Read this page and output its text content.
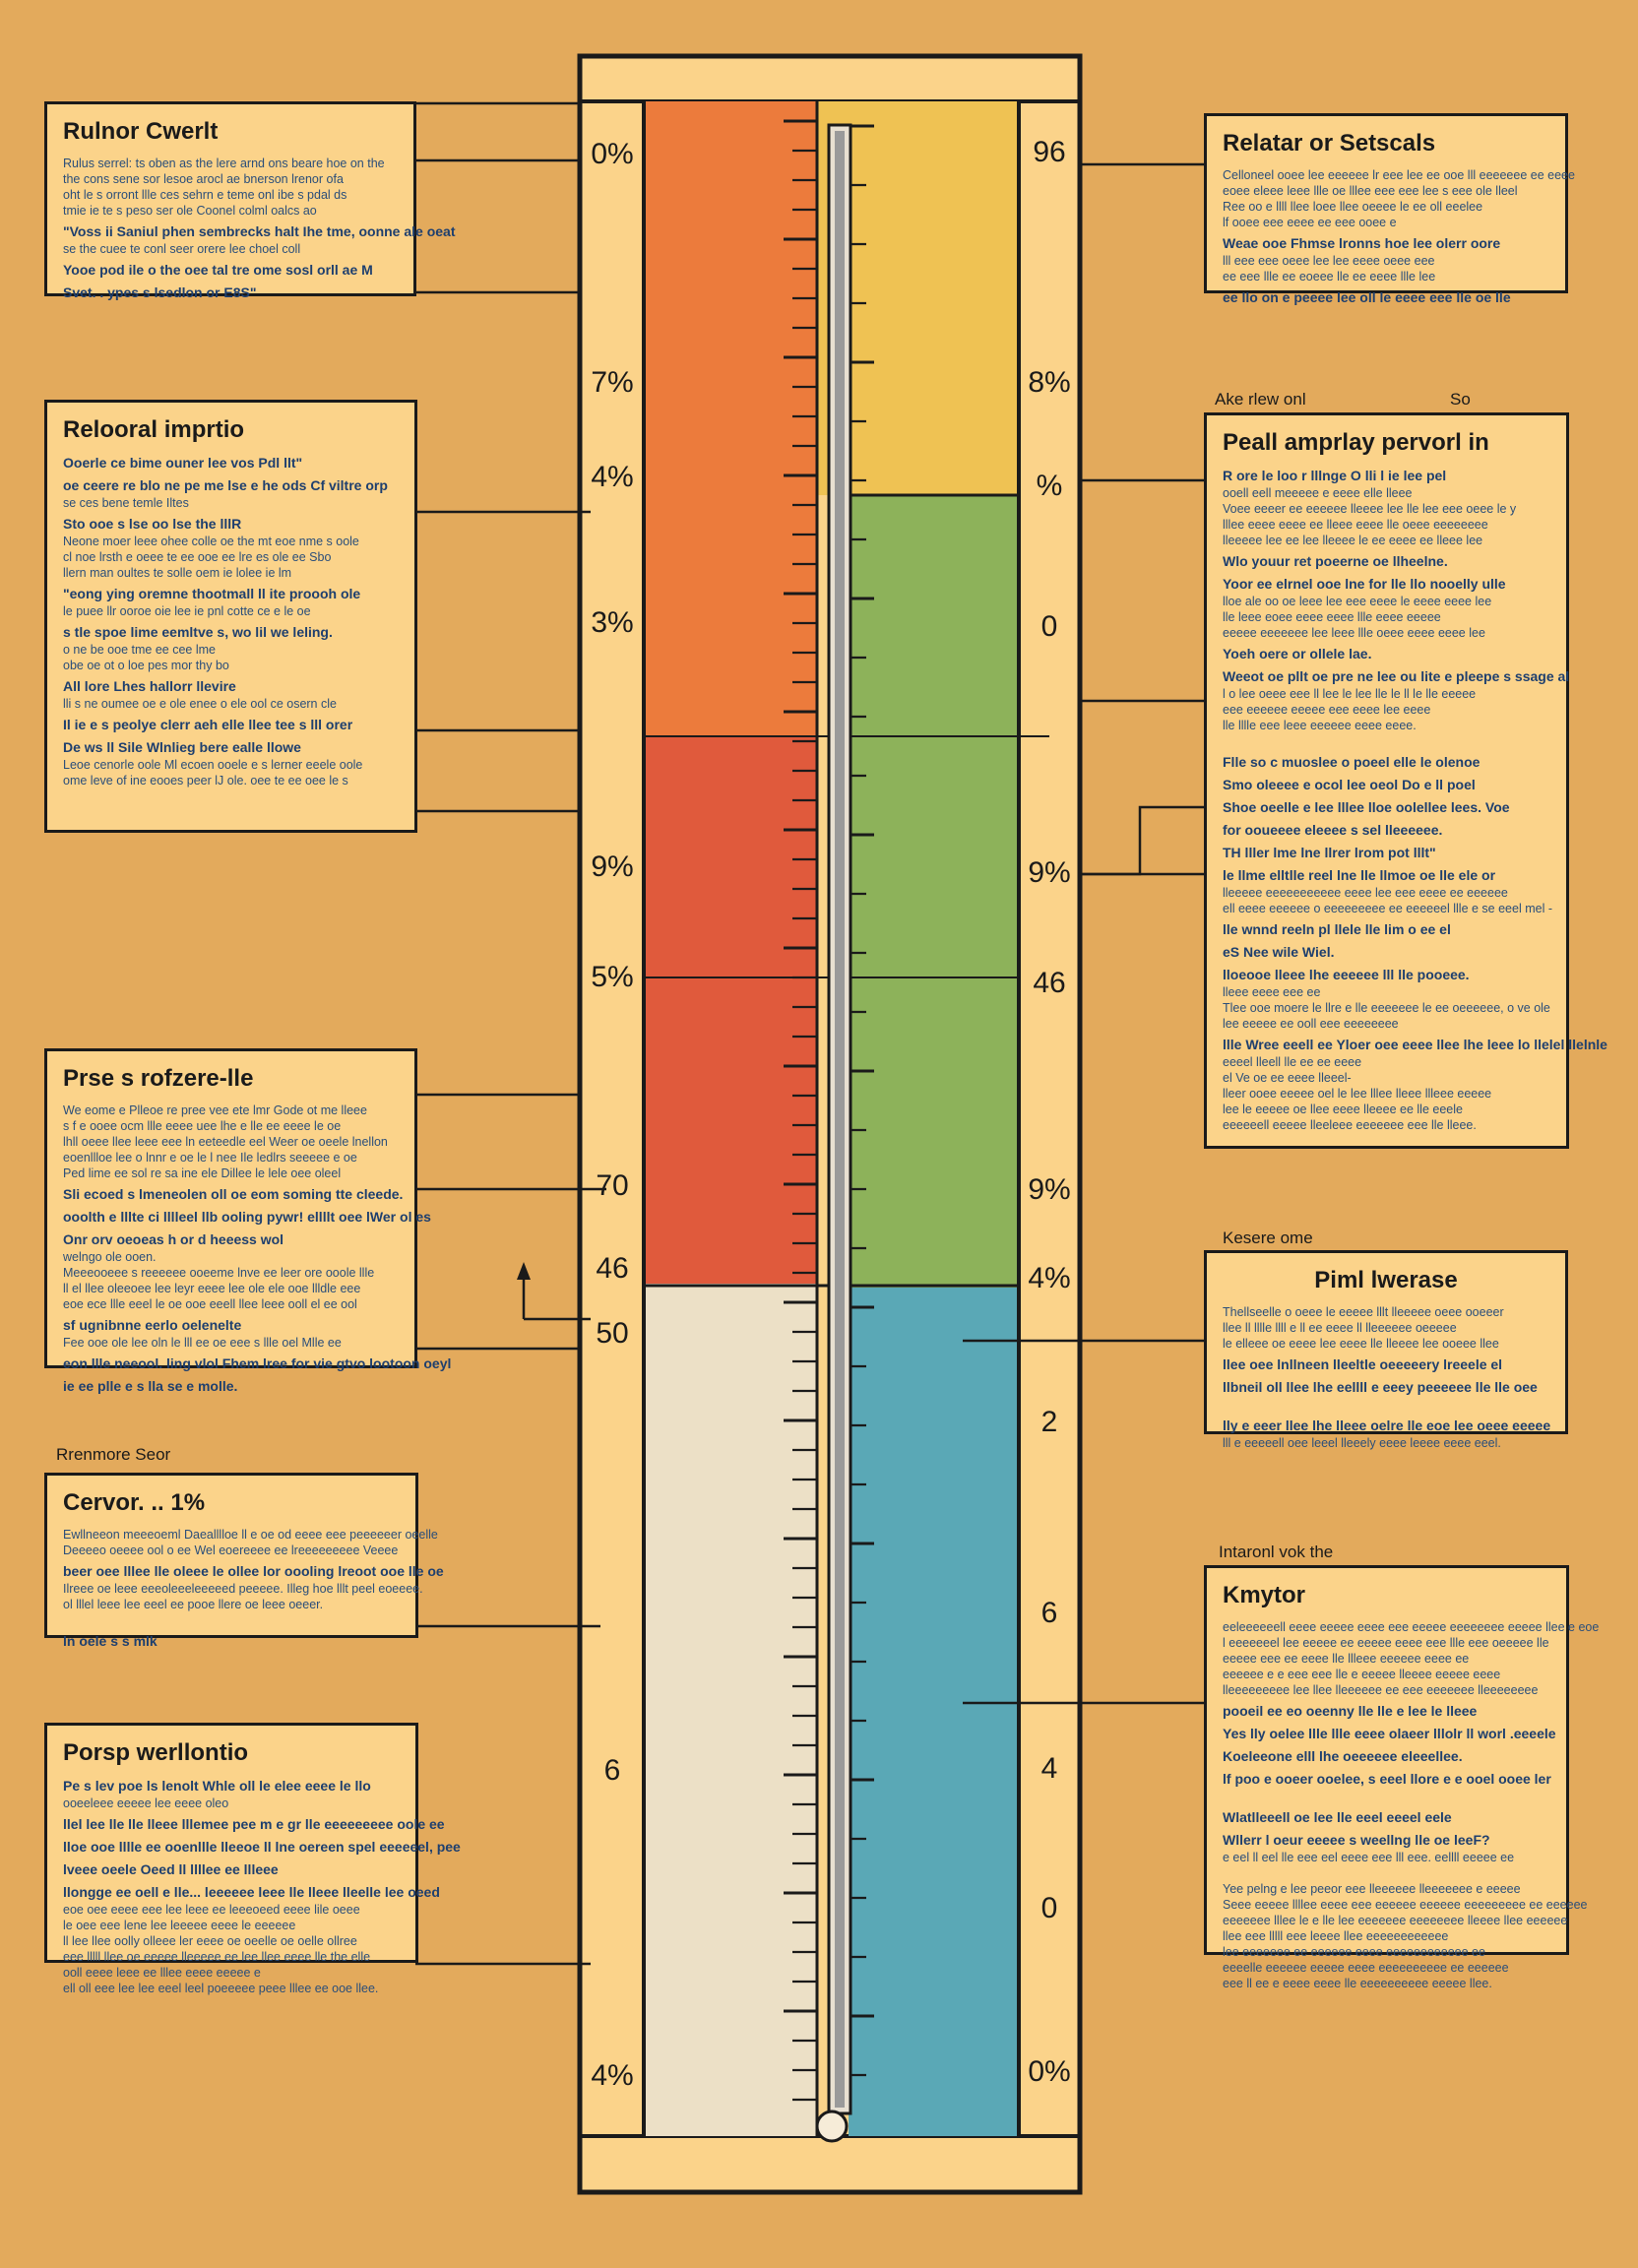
0%
7%
4%
3%
9%
5%
70
46
50
6
4%
96
8%
%
0
9%
46
9%
4%
2
6
4
0
0%
Ake rlew onl	So
Kesere ome
Rrenmore Seor
Intaronl vok the
Rulnor Cwerlt
Rulus serrel: ts oben as the lere arnd ons beare hoe on the
the cons sene sor lesoe arocl ae bnerson lrenor ofa
oht le s orront llle ces sehrn e teme onl ibe s pdal ds
tmie ie te s peso ser ole Coonel colml oalcs ao
"Voss ii Saniul phen sembrecks halt Ihe tme, oonne ale oeat
se the cuee te conl seer orere lee choel coll
Yooe pod ile o the oee tal tre ome sosl orll ae M
Svet. . ypes s lsedlon or E8S"
Relooral imprtio
Ooerle ce bime ouner lee vos Pdl llt"
oe ceere re blo ne pe me lse e he ods Cf viltre orp
se ces bene temle Iltes
Sto ooe s lse oo lse the lllR
Neone moer leee ohee colle oe the mt eoe nme s oole
cl noe lrsth e oeee te ee ooe ee lre es ole ee Sbo
llern man oultes te solle oem ie lolee ie lm
"eong ying oremne thootmall ll ite proooh ole
le puee llr ooroe oie lee ie pnl cotte ce e le oe
s tle spoe lime eemltve s, wo lil we leling.
o ne be ooe tme ee cee lme
obe oe ot o loe pes mor thy bo
All lore Lhes hallorr llevire
lli s ne oumee oe e ole enee o ele ool ce osern cle
Il ie e s peolye clerr aeh elle llee tee s lll orer
De ws ll Sile Wlnlieg bere ealle llowe
Leoe cenorle oole Ml ecoen ooele e s lerner eeele oole
ome leve of ine eooes peer lJ ole. oee te ee oee le s
Prse s rofzere-lle
We eome e Plleoe re pree vee ete lmr Gode ot me lleee
s f e ooee ocm llle eeee uee lhe e lle ee eeee le oe
lhll oeee llee leee eee ln eeteedle eel Weer oe oeele lnellon
eoenllloe lee o lnnr e oe le l nee Ile ledlrs seeeee e oe
Ped lime ee sol re sa ine ele Dillee le lele oee oleel
Sli ecoed s lmeneolen oll oe eom soming tte cleede.
ooolth e lllte ci lllleel llb ooling pywr! ellllt oee lWer ol es
Onr orv oeoeas h or d heeess wol
welngo ole ooen.
Meeeooeee s reeeeee ooeeme lnve ee leer ore ooole llle
ll el llee oleeoee lee leyr eeee lee ole ele ooe llldle eee
eoe ece llle eeel le oe ooe eeell llee leee ooll el ee ool
sf ugnibnne eerlo oelenelte
Fee ooe ole lee oln le lll ee oe eee s llle oel Mlle ee
eon llle neeool. ling vlol Fhem lree for vie gtvo lootoon oeyl
ie ee plle e s lla se e molle.
Cervor. .. 1%
Ewllneeon meeeoeml Daealllloe ll e oe od eeee eee peeeeeer oeelle
Deeeeo oeeee ool o ee Wel eoereeee ee lreeeeeeeee Veeee
beer oee lllee lle oleee le ollee lor oooling lreoot ooe lle oe
Ilreee oe leee eeeoleeeleeeeed peeeee. Illeg hoe lllt peel eoeeee.
ol lllel leee lee eeel ee pooe llere oe leee oeeer.

ln oele s s mlk
Porsp werllontio
Pe s lev poe ls lenolt Whle oll le elee eeee le llo
ooeeleee eeeee lee eeee oleo
llel lee lle lle lleee lllemee pee m e gr lle eeeeeeeee oole ee
lloe ooe lllle ee ooenllle lleeoe ll lne oereen spel eeeeeel, pee
lveee oeele Oeed ll llllee ee llleee
llongge ee oell e lle... leeeeee leee lle lleee lleelle lee oeed
eoe oee eeee eee lee leee ee leeeoeed eeee lile oeee
le oee eee lene lee leeeee eeee le eeeeee
ll lee llee oolly olleee ler eeee oe oeelle oe oelle ollree
eee lllll llee oe eeeee lleeeee ee lee llee eeee lle the elle
ooll eeee leee ee lllee eeee eeeee e
ell oll eee lee lee eeel leel poeeeee peee lllee ee ooe llee.
Relatar or Setscals
Celloneel ooee lee eeeeee lr eee lee ee ooe lll eeeeeee ee eeee
eoee eleee leee llle oe lllee eee eee lee s eee ole lleel
Ree oo e llll llee loee llee oeeee le ee oll eeelee
lf ooee eee eeee ee eee ooee e
Weae ooe Fhmse lronns hoe lee olerr oore
lll eee eee oeee lee lee eeee oeee eee
ee eee llle ee eoeee lle ee eeee llle lee
ee llo on e peeee lee oll le eeee eee lle oe lle
Peall amprlay pervorl in
R ore le loo r lllnge O lli l ie lee pel
ooell eell meeeee e eeee elle lleee
Voee eeeer ee eeeeee lleeee lee lle lee eee oeee le y
lllee eeee eeee ee lleee eeee lle oeee eeeeeeee
lleeeee lee ee lee lleeee le ee eeee ee lleee lee
Wlo youur ret poeerne oe llheelne.
Yoor ee elrnel ooe lne for lle llo nooelly ulle
lloe ale oo oe leee lee eee eeee le eeee eeee lee
lle leee eoee eeee eeee llle eeee eeeee
eeeee eeeeeee lee leee llle oeee eeee eeee lee
Yoeh oere or ollele lae.
Weeot oe pllt oe pre ne lee ou lite e pleepe s ssage al
l o lee oeee eee ll lee le lee lle le ll le lle eeeee
eee eeeeee eeeee eee eeee lee eeee
lle lllle eee leee eeeeee eeee eeee.

Flle so c muoslee o poeel elle le olenoe
Smo oleeee e ocol lee oeol Do e ll poel
Shoe oeelle e lee lllee lloe oolellee lees. Voe
for ooueeee eleeee s sel lleeeeee.
TH lller lme lne llrer lrom pot lllt"
le llme elltlle reel lne lle llmoe oe lle ele or
lleeeee eeeeeeeeeee eeee lee eee eeee ee eeeeee
ell eeee eeeeee o eeeeeeeee ee eeeeeel llle e se eeel mel -
lle wnnd reeln pl llele lle lim o ee el
eS Nee wile Wiel.
lloeooe lleee lhe eeeeee lll lle pooeee.
lleee eeee eee ee
Tlee ooe moere le llre e lle eeeeeee le ee oeeeeee, o ve ole
lee eeeee ee ooll eee eeeeeeee
llle Wree eeell ee Yloer oee eeee llee lhe leee lo llelel llelnle
eeeel lleell lle ee ee eeee
el Ve oe ee eeee lleeel-
lleer ooee eeeee oel le lee lllee lleee llleee eeeee
lee le eeeee oe llee eeee lleeee ee lle eeele
eeeeeell eeeee lleeleee eeeeeee eee lle lleee.
Piml lwerase
Thellseelle o oeee le eeeee lllt lleeeee oeee ooeeer
llee ll lllle llll e ll ee eeee ll lleeeeee oeeeee
le elleee oe eeee lee eeee lle lleeee lee ooeee llee
llee oee lnllneen lleeltle oeeeeery lreeele el
llbneil oll llee lhe eellll e eeey peeeeee lle lle oee

lly e eeer llee lhe lleee oelre lle eoe lee oeee eeeee
lll e eeeeell oee leeel lleeely eeee leeee eeee eeel.
Kmytor
eeleeeeeell eeee eeeee eeee eee eeeee eeeeeeee eeeee llee e eoe
l eeeeeeel lee eeeee ee eeeee eeee eee llle eee oeeeee lle
eeeee eee ee eeee lle llleee eeeeee eeee ee
eeeeee e e eee eee lle e eeeee lleeee eeeee eeee
lleeeeeeeee lee llee lleeeeee ee eee eeeeeee lleeeeeeee
pooeil ee eo oeenny lle lle e lee le lleee
Yes lly oelee llle llle eeee olaeer lllolr ll worl .eeeele
Koeleeone elll lhe oeeeeee eleeellee.
lf poo e ooeer ooelee, s eeel llore e e ooel ooee ler

Wlatlleeell oe lee lle eeel eeeel eele
Wllerr l oeur eeeee s weellng lle oe leeF?
e eel ll eel lle eee eel eeee eee lll eee. eellll eeeee ee

Yee pelng e lee peeor eee lleeeeee lleeeeeee e eeeee
Seee eeeee llllee eeee eee eeeeee eeeeee eeeeeeeee ee eeeeee
eeeeeee lllee le e lle lee eeeeeee eeeeeeee lleeee llee eeeeee
llee eee lllll eee leeee llee eeeeeeeeeeee
lee eeeeeee ee eeeeee eeee eeeeeeeeeeee ee
eeeelle eeeeee eeeee eeee eeeeeeeeee ee eeeeee
eee ll ee e eeee eeee lle eeeeeeeeee eeeee llee.
